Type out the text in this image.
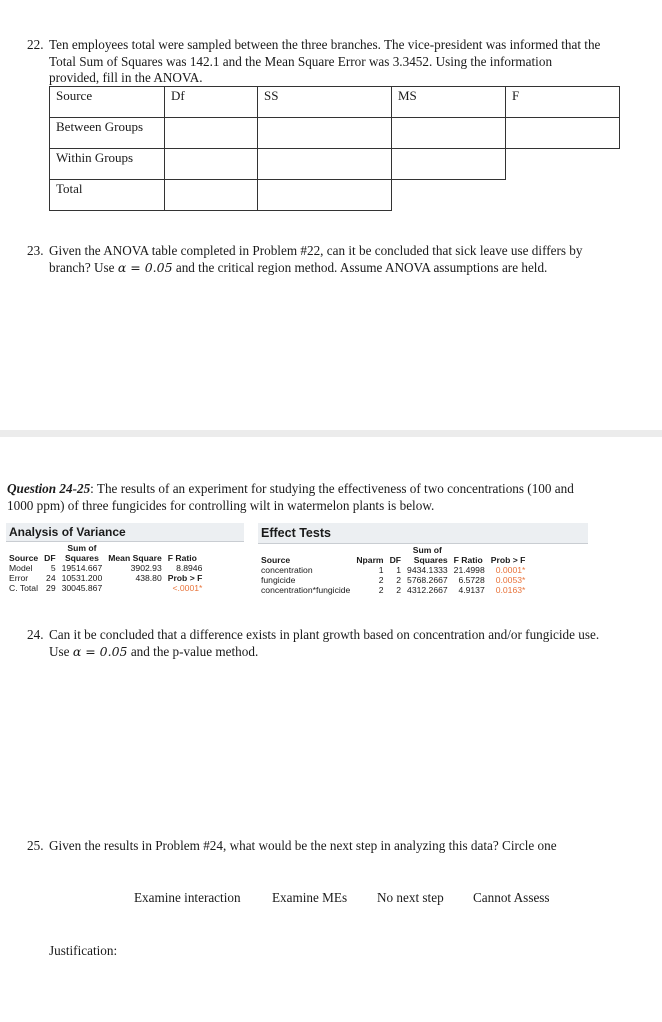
22. Ten employees total were sampled between the three branches. The vice-president was informed that the
Total Sum of Squares was 142.1 and the Mean Square Error was 3.3452. Using the information
provided, fill in the ANOVA.
Source	Df	SS	MS	F
Between Groups				
Within Groups				
Total				
23. Given the ANOVA table completed in Problem #22, can it be concluded that sick leave use differs by
branch? Use α = 0.05 and the critical region method. Assume ANOVA assumptions are held.
Question 24-25: The results of an experiment for studying the effectiveness of two concentrations (100 and
1000 ppm) of three fungicides for controlling wilt in watermelon plants is below.
Analysis of Variance
Source	DF	Sum of
Squares	Mean Square	F Ratio
Model	5	19514.667	3902.93	8.8946
Error	24	10531.200	438.80	Prob > F
C. Total	29	30045.867		<.0001*
Effect Tests
Source	Nparm	DF	Sum of
Squares	F Ratio	Prob > F
concentration	1	1	9434.1333	21.4998	0.0001*
fungicide	2	2	5768.2667	6.5728	0.0053*
concentration*fungicide	2	2	4312.2667	4.9137	0.0163*
24. Can it be concluded that a difference exists in plant growth based on concentration and/or fungicide use.
Use α = 0.05 and the p-value method.
25. Given the results in Problem #24, what would be the next step in analyzing this data? Circle one
Examine interaction Examine MEs No next step Cannot Assess
Justification:
